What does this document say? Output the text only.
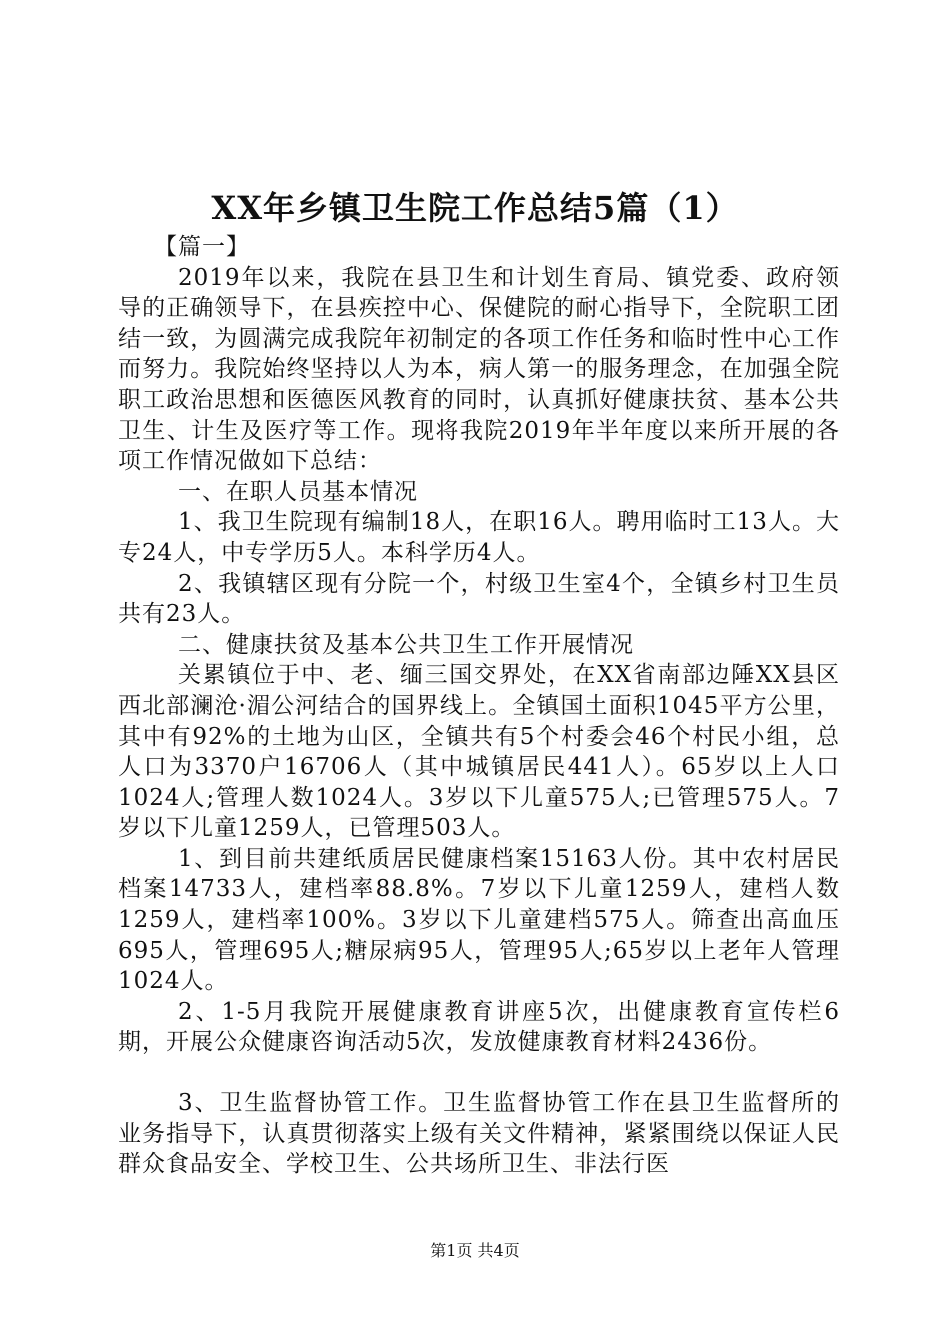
XX年乡镇卫生院工作总结5篇（1）

【篇一】

2019年以来，我院在县卫生和计划生育局、镇党委、政府领导的正确领导下，在县疾控中心、保健院的耐心指导下，全院职工团结一致，为圆满完成我院年初制定的各项工作任务和临时性中心工作而努力。我院始终坚持以人为本，病人第一的服务理念，在加强全院职工政治思想和医德医风教育的同时，认真抓好健康扶贫、基本公共卫生、计生及医疗等工作。现将我院2019年半年度以来所开展的各项工作情况做如下总结：

一、在职人员基本情况

1、我卫生院现有编制18人，在职16人。聘用临时工13人。大专24人，中专学历5人。本科学历4人。

2、我镇辖区现有分院一个，村级卫生室4个，全镇乡村卫生员共有23人。

二、健康扶贫及基本公共卫生工作开展情况

关累镇位于中、老、缅三国交界处，在XX省南部边陲XX县区西北部澜沧·湄公河结合的国界线上。全镇国土面积1045平方公里，其中有92%的土地为山区，全镇共有5个村委会46个村民小组，总人口为3370户16706人（其中城镇居民441人）。65岁以上人口1024人;管理人数1024人。3岁以下儿童575人;已管理575人。7岁以下儿童1259人，已管理503人。

1、到目前共建纸质居民健康档案15163人份。其中农村居民档案14733人，建档率88.8%。7岁以下儿童1259人，建档人数1259人，建档率100%。3岁以下儿童建档575人。筛查出高血压695人，管理695人;糖尿病95人，管理95人;65岁以上老年人管理1024人。

2、1-5月我院开展健康教育讲座5次，出健康教育宣传栏6期，开展公众健康咨询活动5次，发放健康教育材料2436份。

3、卫生监督协管工作。卫生监督协管工作在县卫生监督所的业务指导下，认真贯彻落实上级有关文件精神，紧紧围绕以保证人民群众食品安全、学校卫生、公共场所卫生、非法行医

第1页 共4页
